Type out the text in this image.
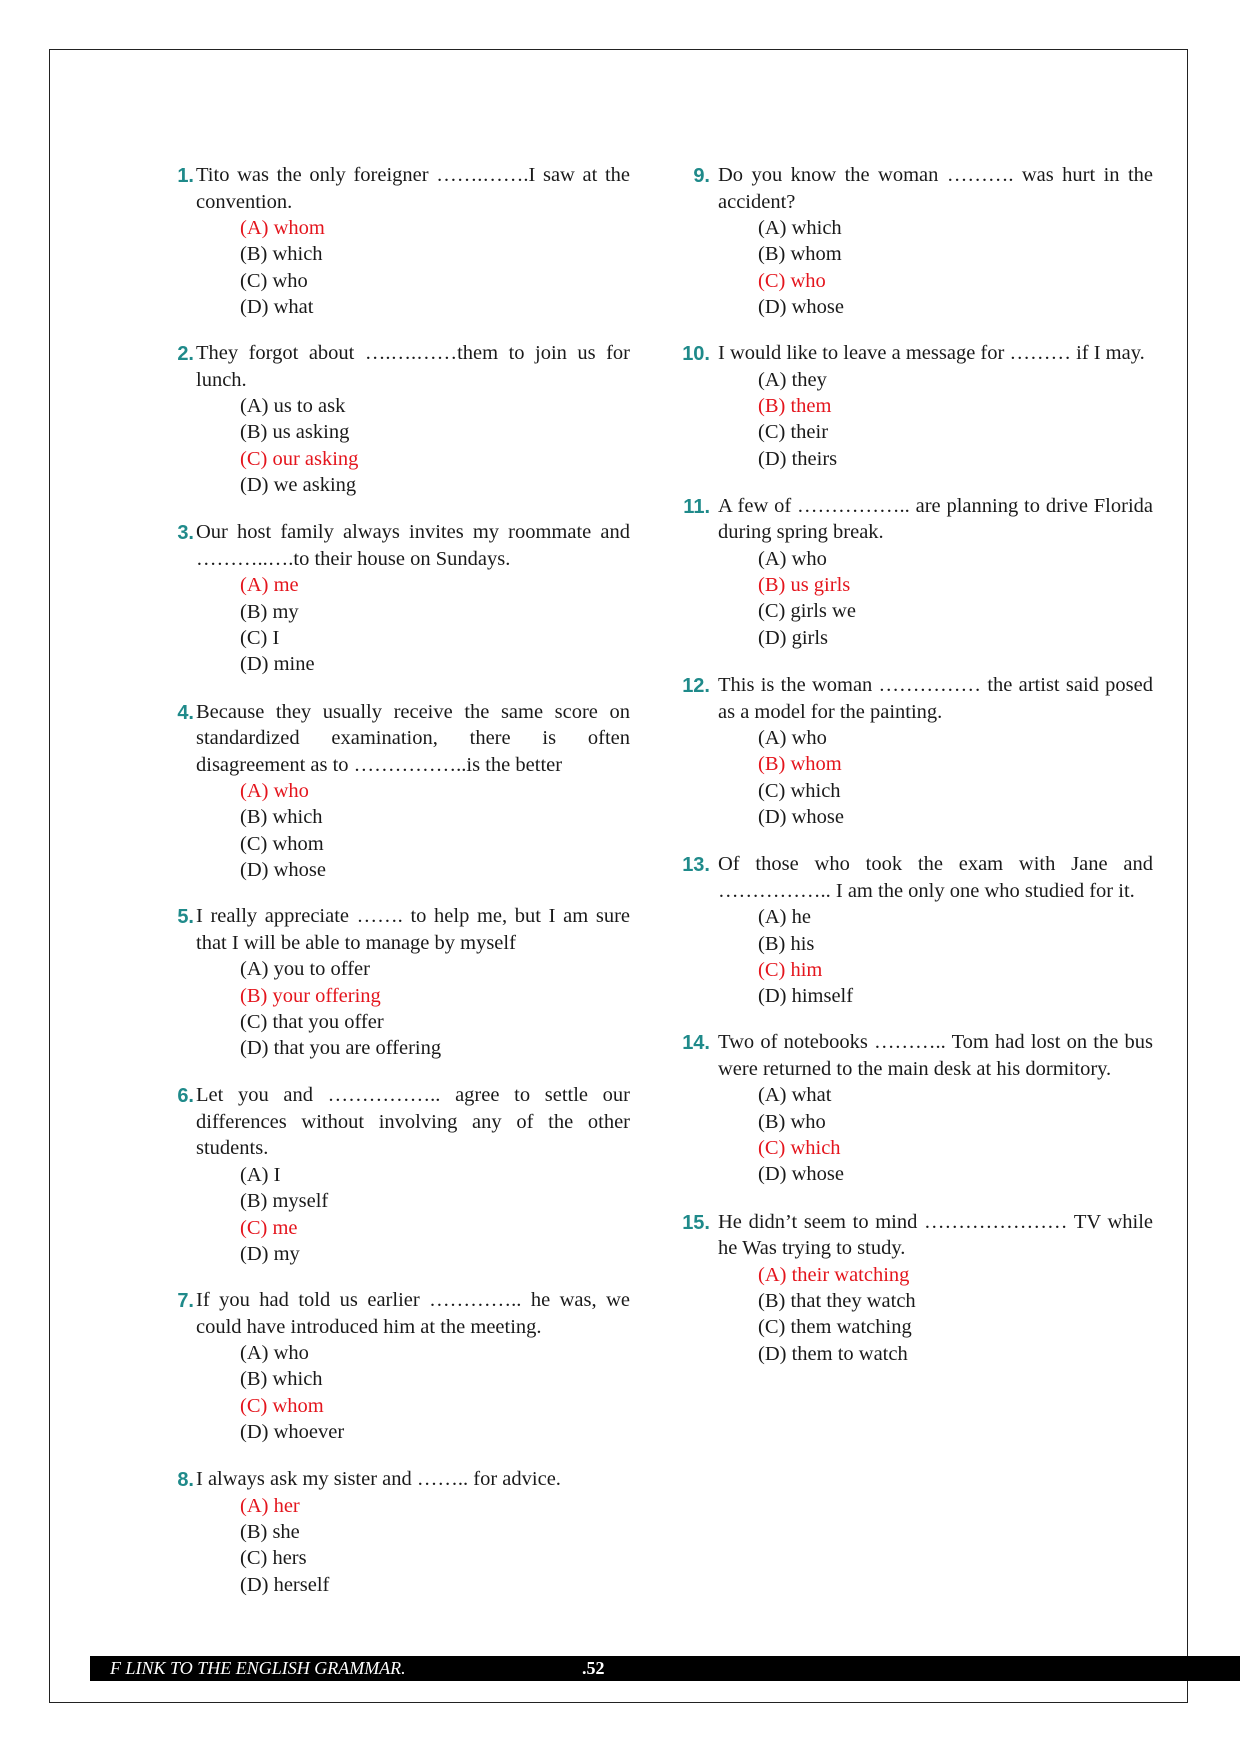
1. Tito was the only foreigner …….…….I saw at the convention.
(A) whom
(B) which
(C) who
(D) what
2. They forgot about ….….……them to join us for lunch.
(A) us to ask
(B) us asking
(C) our asking
(D) we asking
3. Our host family always invites my roommate and ………..….to their house on Sundays.
(A) me
(B) my
(C) I
(D) mine
4. Because they usually receive the same score on standardized examination, there is often disagreement as to ……………..is the better
(A) who
(B) which
(C) whom
(D) whose
5. I really appreciate ……. to help me, but I am sure that I will be able to manage by myself
(A) you to offer
(B) your offering
(C) that you offer
(D) that you are offering
6. Let you and …………….. agree to settle our differences without involving any of the other students.
(A) I
(B) myself
(C) me
(D) my
7. If you had told us earlier ………….. he was, we could have introduced him at the meeting.
(A) who
(B) which
(C) whom
(D) whoever
8. I always ask my sister and …….. for advice.
(A) her
(B) she
(C) hers
(D) herself
9. Do you know the woman ………. was hurt in the accident?
(A) which
(B) whom
(C) who
(D) whose
10. I would like to leave a message for ……… if I may.
(A) they
(B) them
(C) their
(D) theirs
11. A few of …………….. are planning to drive Florida during spring break.
(A) who
(B) us girls
(C) girls we
(D) girls
12. This is the woman …………… the artist said posed as a model for the painting.
(A) who
(B) whom
(C) which
(D) whose
13. Of those who took the exam with Jane and …………….. I am the only one who studied for it.
(A) he
(B) his
(C) him
(D) himself
14. Two of notebooks ……….. Tom had lost on the bus were returned to the main desk at his dormitory.
(A) what
(B) who
(C) which
(D) whose
15. He didn’t seem to mind ………………… TV while he Was trying to study.
(A) their watching
(B) that they watch
(C) them watching
(D) them to watch
F LINK TO THE ENGLISH GRAMMAR.	.52
